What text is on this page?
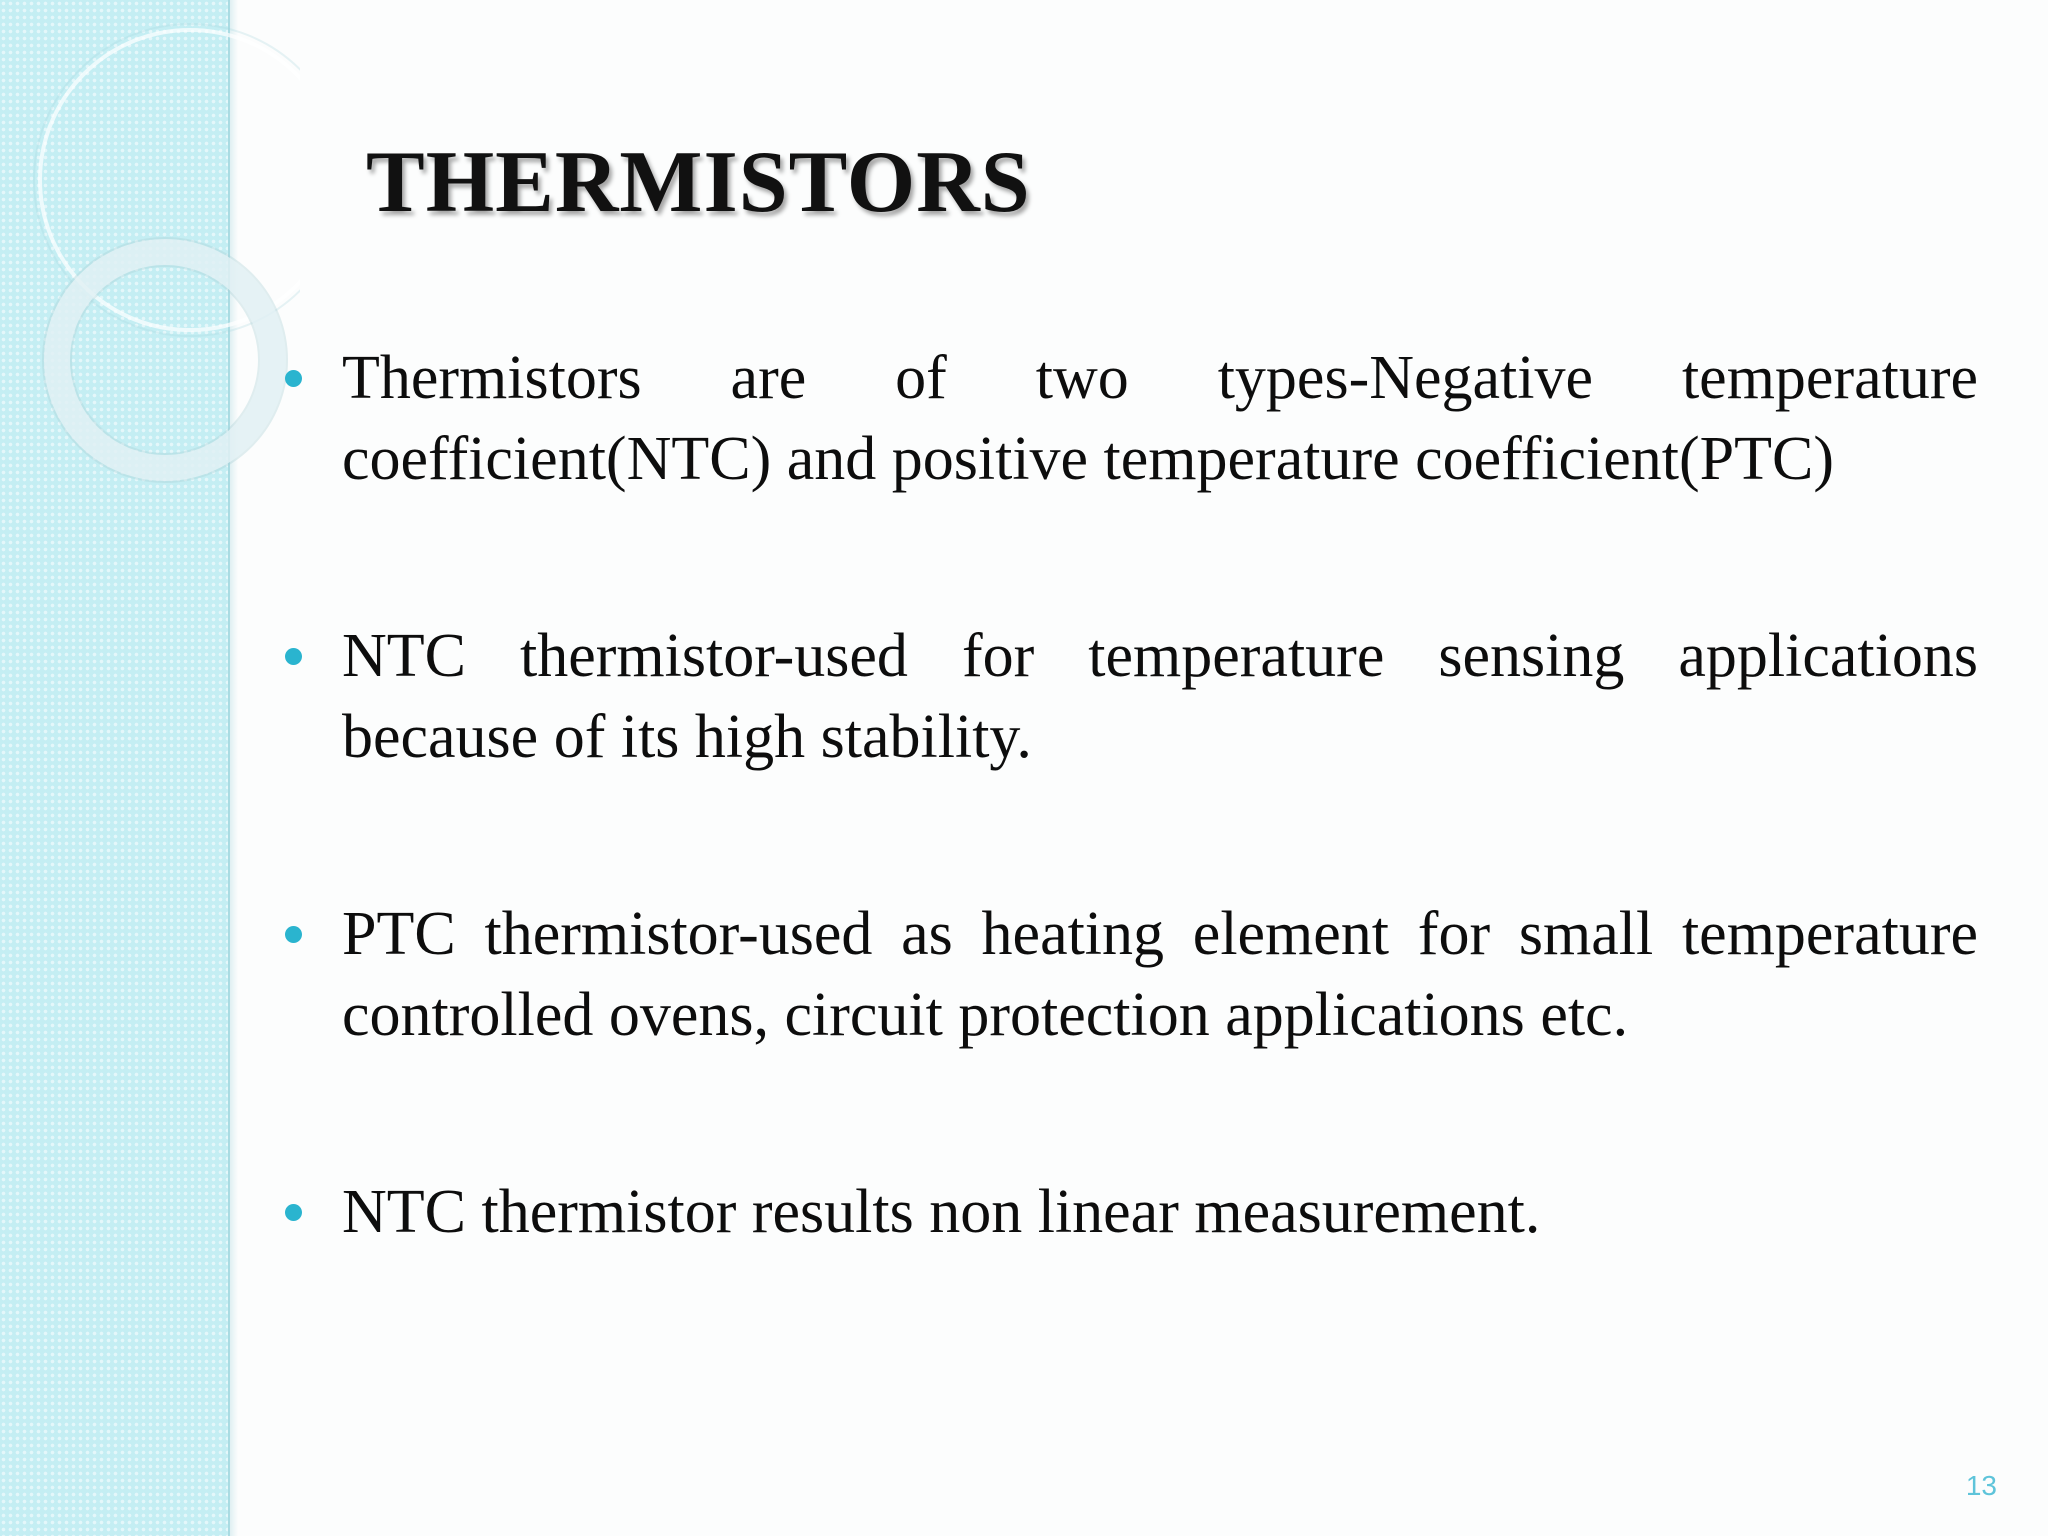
THERMISTORS
Thermistors are of two types-Negative temperature coefficient(NTC) and positive temperature coefficient(PTC)
NTC thermistor-used for temperature sensing applications because of its high stability.
PTC thermistor-used as heating element for small temperature controlled ovens, circuit protection applications etc.
NTC thermistor results non linear measurement.
13
